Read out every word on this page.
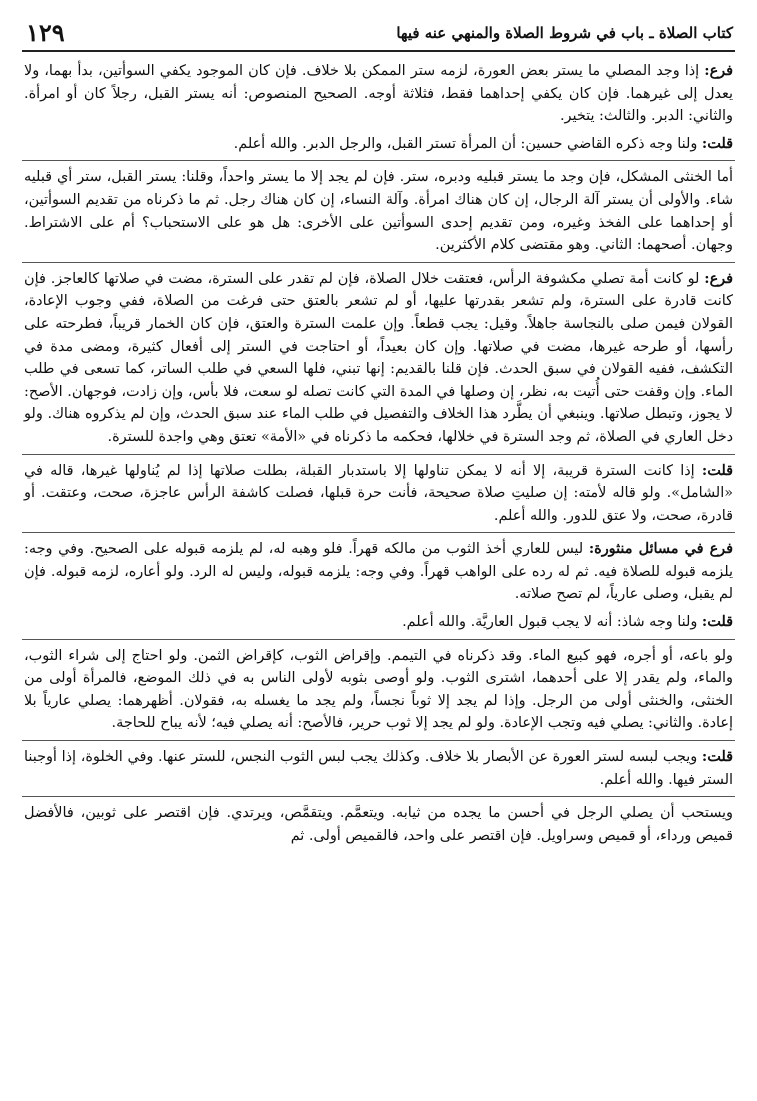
كتاب الصلاة ـ باب في شروط الصلاة والمنهي عنه فيها
١٢٩
فرع: إذا وجد المصلي ما يستر بعض العورة، لزمه ستر الممكن بلا خلاف. فإن كان الموجود يكفي السوأتين، بدأ بهما، ولا يعدل إلى غيرهما. فإن كان يكفي إحداهما فقط، فثلاثة أوجه. الصحيح المنصوص: أنه يستر القبل، رجلاً كان أو امرأة. والثاني: الدبر. والثالث: يتخير.
قلت: ولنا وجه ذكره القاضي حسين: أن المرأة تستر القبل، والرجل الدبر. والله أعلم.
أما الخنثى المشكل، فإن وجد ما يستر قبليه ودبره، ستر. فإن لم يجد إلا ما يستر واحداً، وقلنا: يستر القبل، ستر أي قبليه شاء. والأولى أن يستر آلة الرجال، إن كان هناك امرأة. وآلة النساء، إن كان هناك رجل. ثم ما ذكرناه من تقديم السوأتين، أو إحداهما على الفخذ وغيره، ومن تقديم إحدى السوأتين على الأخرى: هل هو على الاستحباب؟ أم على الاشتراط. وجهان. أصحهما: الثاني. وهو مقتضى كلام الأكثرين.
فرع: لو كانت أمة تصلي مكشوفة الرأس، فعتقت خلال الصلاة، فإن لم تقدر على السترة، مضت في صلاتها كالعاجز. فإن كانت قادرة على السترة، ولم تشعر بقدرتها عليها، أو لم تشعر بالعتق حتى فرغت من الصلاة، ففي وجوب الإعادة، القولان فيمن صلى بالنجاسة جاهلاً. وقيل: يجب قطعاً. وإن علمت السترة والعتق، فإن كان الخمار قريباً، فطرحته على رأسها، أو طرحه غيرها، مضت في صلاتها. وإن كان بعيداً، أو احتاجت في الستر إلى أفعال كثيرة، ومضى مدة في التكشف، ففيه القولان في سبق الحدث. فإن قلنا بالقديم: إنها تبني، فلها السعي في طلب الساتر، كما تسعى في طلب الماء. وإن وقفت حتى أُتيت به، نظر، إن وصلها في المدة التي كانت تصله لو سعت، فلا بأس، وإن زادت، فوجهان. الأصح: لا يجوز، وتبطل صلاتها. وينبغي أن يطَّرد هذا الخلاف والتفصيل في طلب الماء عند سبق الحدث، وإن لم يذكروه هناك. ولو دخل العاري في الصلاة، ثم وجد السترة في خلالها، فحكمه ما ذكرناه في «الأمة» تعتق وهي واجدة للسترة.
قلت: إذا كانت السترة قريبة، إلا أنه لا يمكن تناولها إلا باستدبار القبلة، بطلت صلاتها إذا لم يُناولها غيرها، قاله في «الشامل». ولو قاله لأمته: إن صليتِ صلاة صحيحة، فأنت حرة قبلها، فصلت كاشفة الرأس عاجزة، صحت، وعتقت. أو قادرة، صحت، ولا عتق للدور. والله أعلم.
فرع في مسائل منثورة: ليس للعاري أخذ الثوب من مالكه قهراً. فلو وهبه له، لم يلزمه قبوله على الصحيح. وفي وجه: يلزمه قبوله للصلاة فيه. ثم له رده على الواهب قهراً. وفي وجه: يلزمه قبوله، وليس له الرد. ولو أعاره، لزمه قبوله. فإن لم يقبل، وصلى عارياً، لم تصح صلاته.
قلت: ولنا وجه شاذ: أنه لا يجب قبول العاريَّة. والله أعلم.
ولو باعه، أو أجره، فهو كبيع الماء. وقد ذكرناه في التيمم. وإقراض الثوب، كإقراض الثمن. ولو احتاج إلى شراء الثوب، والماء، ولم يقدر إلا على أحدهما، اشترى الثوب. ولو أوصى بثوبه لأولى الناس به في ذلك الموضع، فالمرأة أولى من الخنثى، والخنثى أولى من الرجل. وإذا لم يجد إلا ثوباً نجساً، ولم يجد ما يغسله به، فقولان. أظهرهما: يصلي عارياً بلا إعادة. والثاني: يصلي فيه وتجب الإعادة. ولو لم يجد إلا ثوب حرير، فالأصح: أنه يصلي فيه؛ لأنه يباح للحاجة.
قلت: ويجب لبسه لستر العورة عن الأبصار بلا خلاف. وكذلك يجب لبس الثوب النجس، للستر عنها. وفي الخلوة، إذا أوجبنا الستر فيها. والله أعلم.
ويستحب أن يصلي الرجل في أحسن ما يجده من ثيابه. ويتعمَّم. ويتقمَّص، ويرتدي. فإن اقتصر على ثوبين، فالأفضل قميص ورداء، أو قميص وسراويل. فإن اقتصر على واحد، فالقميص أولى. ثم
